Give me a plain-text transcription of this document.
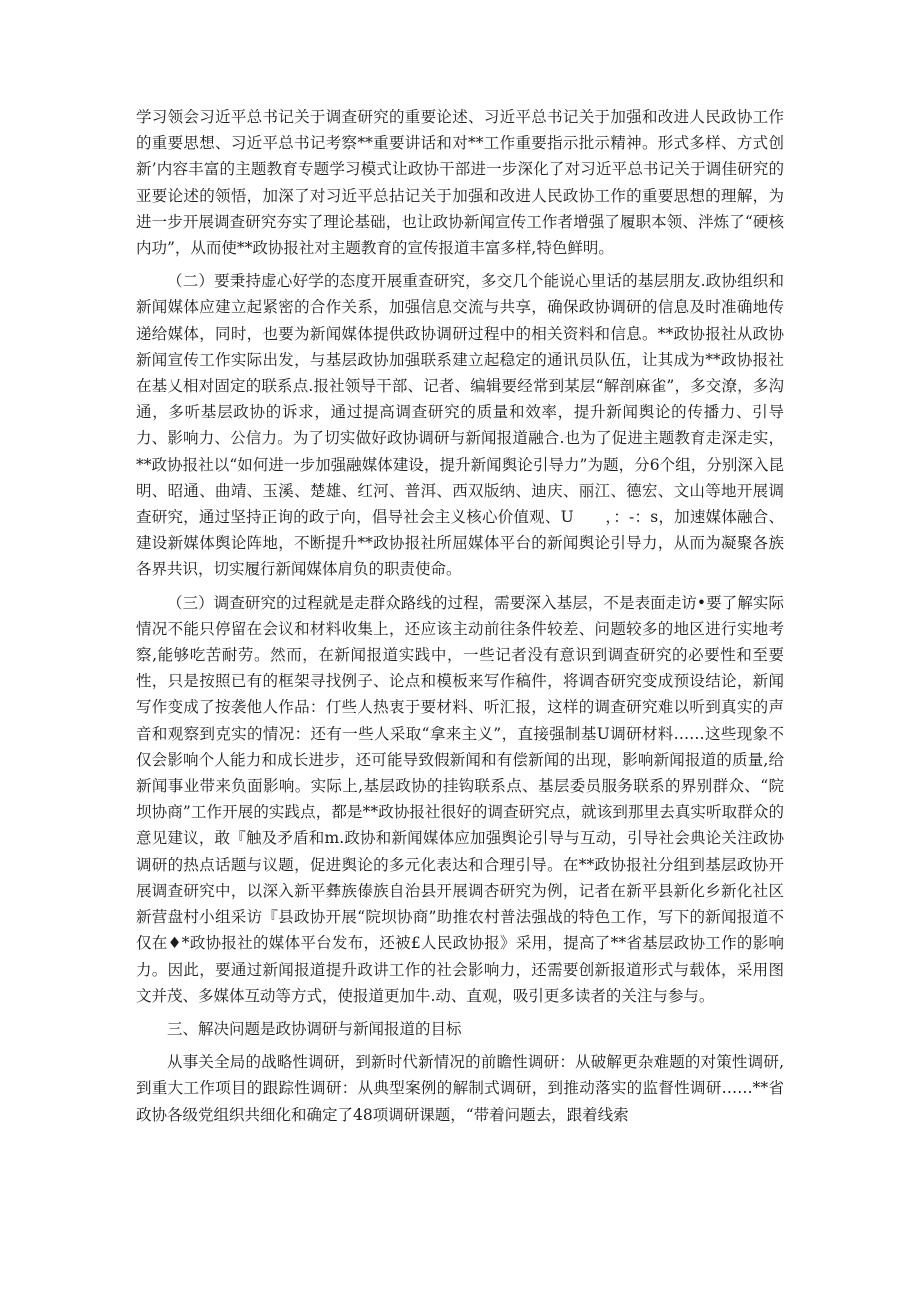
学习领会习近平总书记关于调查研究的重要论述、习近平总书记关于加强和改进人民政协工作的重要思想、习近平总书记考察**重要讲话和对**工作重要指示批示精神。形式多样、方式创新’内容丰富的主题教育专题学习模式让政协干部进一步深化了对习近平总书记关于调佳研究的亚要论述的领悟，加深了对习近平总拈记关于加强和改进人民政协工作的重要思想的理解，为进一步开展调查研究夯实了理论基础，也让政协新闻宣传工作者增强了履职本领、泮炼了“硬核内功”，从而使**政协报社对主题教育的宣传报道丰富多样,特色鲜明。

（二）要秉持虚心好学的态度开展重查研究，多交几个能说心里话的基层朋友.政协组织和新闻媒体应建立起紧密的合作关系，加强信息交流与共享，确保政协调研的信息及时准确地传递给媒体，同时，也要为新闻媒体提供政协调研过程中的相关资料和信息。**政协报社从政协新闻宣传工作实际出发，与基层政协加强联系建立起稳定的通讯员队伍，让其成为**政协报社在基乂相对固定的联系点.报社领导干部、记者、编辑要经常到某层“解剖麻雀”，多交潦，多沟通，多听基层政协的诉求，通过提高调查研究的质量和效率，提升新闻舆论的传播力、引导力、影响力、公信力。为了切实做好政协调研与新闻报道融合.也为了促进主题教育走深走实，**政协报社以“如何进一步加强融媒体建设，提升新闻舆论引导力”为题，分6个组，分别深入昆明、昭通、曲靖、玉溪、楚雄、红河、普洱、西双版纳、迪庆、丽江、德宏、文山等地开展调查研究，通过坚持正询的政亍向，倡导社会主义核心价值观、U　　，：-：s，加速媒体融合、建设新媒体舆论阵地，不断提升**政协报社所屈媒体平台的新闻舆论引导力，从而为凝聚各族各界共识，切实履行新闻媒体肩负的职责使命。

（三）调查研究的过程就是走群众路线的过程，需要深入基层，不是表面走访•要了解实际情况不能只停留在会议和材料收集上，还应该主动前往条件较差、问题较多的地区进行实地考察,能够吃苦耐劳。然而，在新闻报道实践中，一些记者没有意识到调查研究的必要性和至要性，只是按照已有的框架寻找例子、论点和模板来写作稿件，将调杳研究变成预设结论，新闻写作变成了按袭他人作品：仃些人热衷于要材料、听汇报，这样的调查研究难以听到真实的声音和观察到克实的情况：还有一些人采取“拿来主义”，直接强制基U调研材料……这些现象不仅会影响个人能力和成长进步，还可能导致假新闻和有偿新闻的出现，影响新闻报道的质量,给新闻事业带来负面影响。实际上,基层政协的挂钩联系点、基层委员服务联系的界别群众、“院坝协商”工作开展的实践点，都是**政协报社很好的调查研究点，就该到那里去真实听取群众的意见建议，敢『触及矛盾和m.政协和新闻媒体应加强舆论引导与互动，引导社会典论关注政协调研的热点话题与议题，促进舆论的多元化表达和合理引导。在**政协报社分组到基层政协开展调查研究中，以深入新平彝族傣族自治县开展调杏研究为例，记者在新平县新化乡新化社区新营盘村小组采访『县政协开展“院坝协商”助推农村普法强战的特色工作，写下的新闻报道不仅在♦*政协报社的媒体平台发布，还被£人民政协报》采用，提高了**省基层政协工作的影响力。因此，要通过新闻报道提升政讲工作的社会影响力，还需要创新报道形式与载体，采用图文并茂、多媒体互动等方式，使报道更加牛.动、直观，吸引更多读者的关注与参与。

三、解决问题是政协调研与新闻报道的目标

从事关全局的战略性调研，到新时代新情况的前瞻性调研：从破解更杂难题的对策性调研,到重大工作项目的跟踪性调研：从典型案例的解制式调研，到推动落实的监督性调研……**省政协各级党组织共细化和确定了48项调研课题，“带着问题去，跟着线索
